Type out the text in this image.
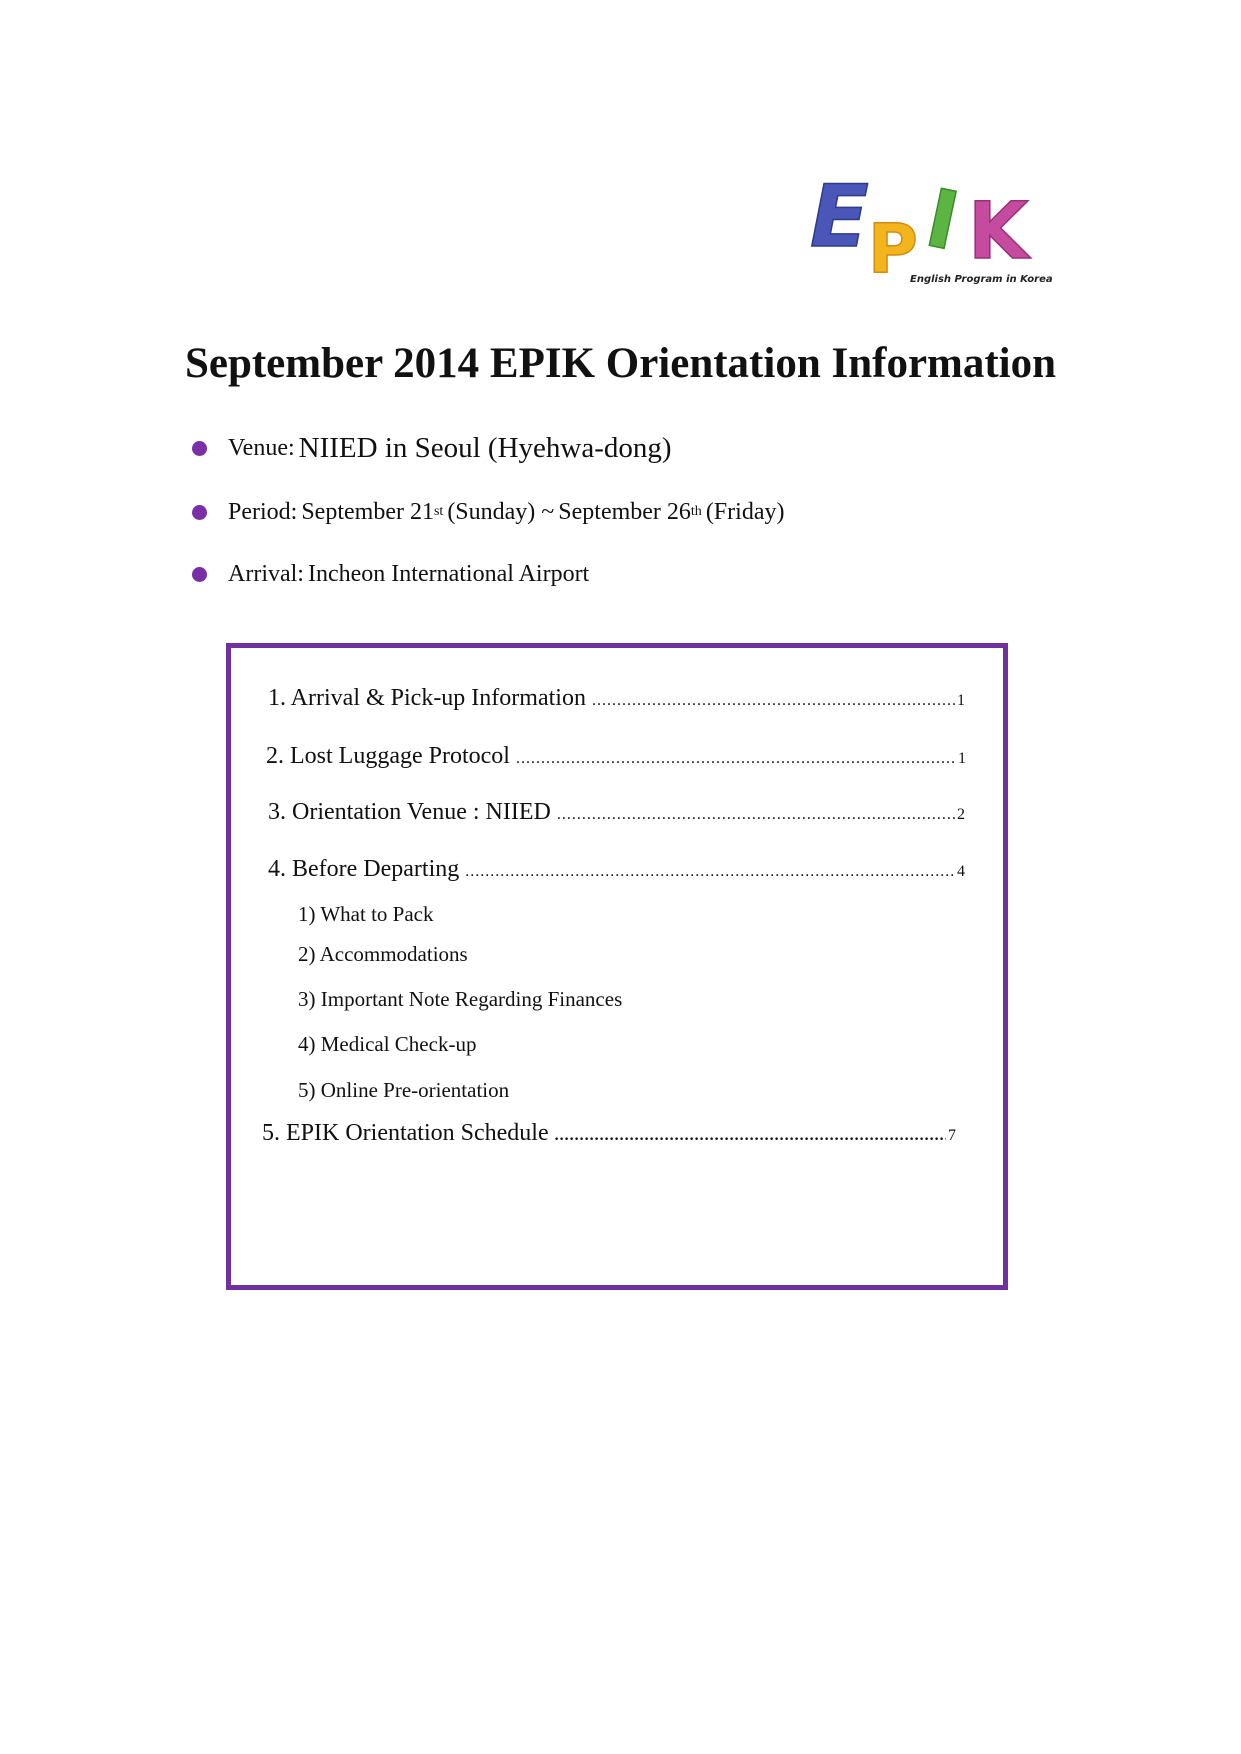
E P I K
English Program in Korea
September 2014 EPIK Orientation Information
Venue:
NIIED in Seoul (Hyehwa-dong)
Period:
September 21 st
(Sunday) ~
September 26 th
(Friday)
Arrival:
Incheon International Airport
1. Arrival & Pick-up Information .....	1
2. Lost Luggage Protocol .....	1
3. Orientation Venue : NIIED .....	2
4. Before Departing .....	4
1) What to Pack
2) Accommodations
3) Important Note Regarding Finances
4) Medical Check-up
5) Online Pre-orientation
5. EPIK Orientation Schedule .....	7
